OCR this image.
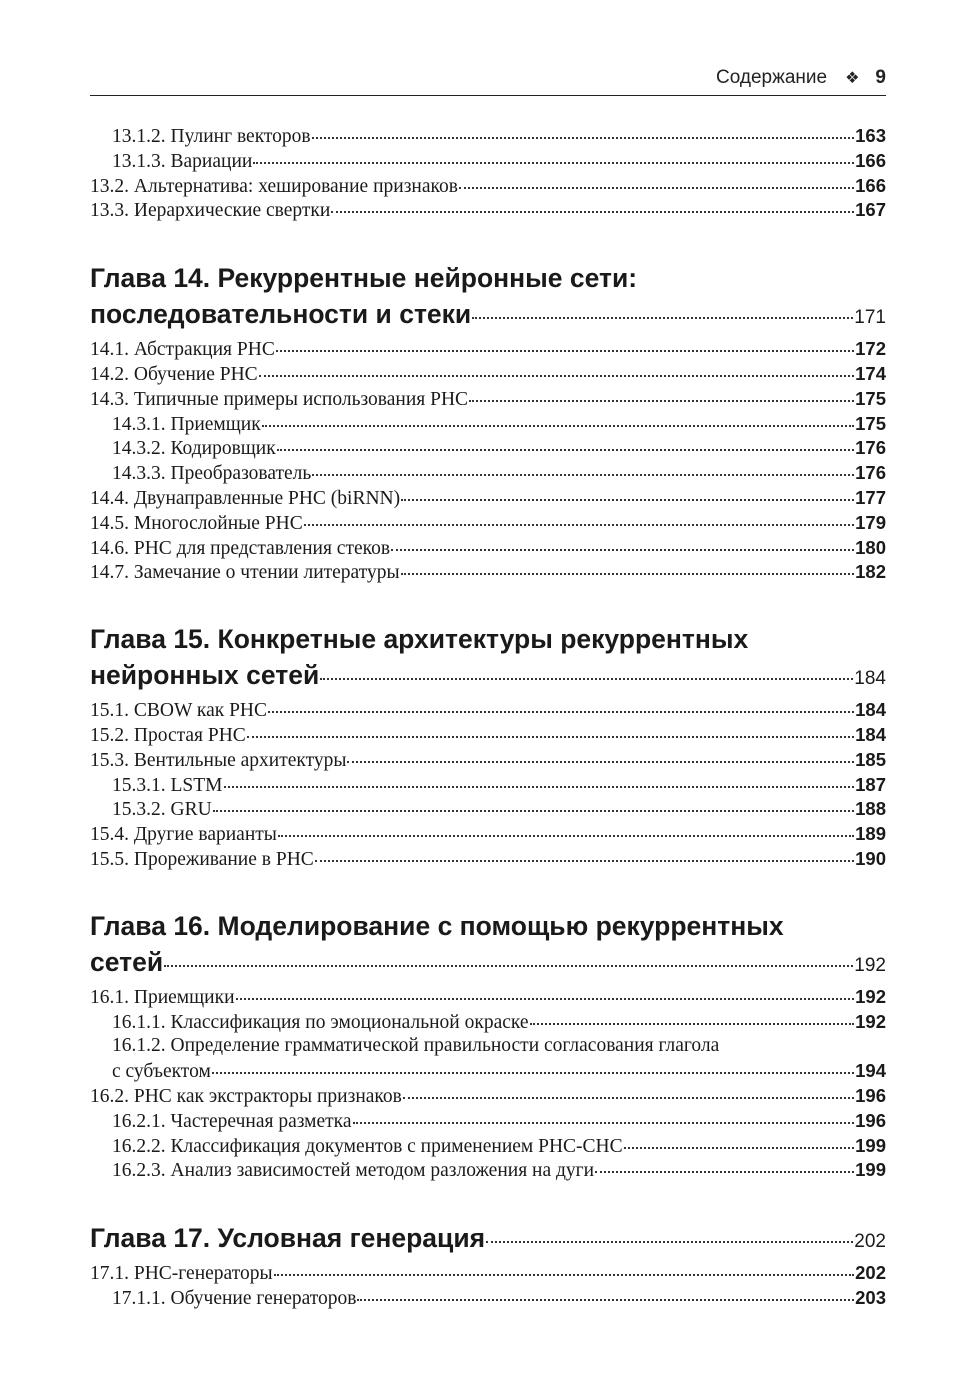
Содержание ❖ 9
13.1.2. Пулинг векторов	163
13.1.3. Вариации	166
13.2. Альтернатива: хеширование признаков	166
13.3. Иерархические свертки	167
Глава 14. Рекуррентные нейронные сети:
последовательности и стеки	171
14.1. Абстракция РНС	172
14.2. Обучение РНС	174
14.3. Типичные примеры использования РНС	175
14.3.1. Приемщик	175
14.3.2. Кодировщик	176
14.3.3. Преобразователь	176
14.4. Двунаправленные РНС (biRNN)	177
14.5. Многослойные РНС	179
14.6. РНС для представления стеков	180
14.7. Замечание о чтении литературы	182
Глава 15. Конкретные архитектуры рекуррентных
нейронных сетей	184
15.1. CBOW как РНС	184
15.2. Простая РНС	184
15.3. Вентильные архитектуры	185
15.3.1. LSTM	187
15.3.2. GRU	188
15.4. Другие варианты	189
15.5. Прореживание в РНС	190
Глава 16. Моделирование с помощью рекуррентных
сетей	192
16.1. Приемщики	192
16.1.1. Классификация по эмоциональной окраске	192
16.1.2. Определение грамматической правильности согласования глагола
с субъектом	194
16.2. РНС как экстракторы признаков	196
16.2.1. Частеречная разметка	196
16.2.2. Классификация документов с применением РНС-СНС	199
16.2.3. Анализ зависимостей методом разложения на дуги	199
Глава 17. Условная генерация	202
17.1. РНС-генераторы	202
17.1.1. Обучение генераторов	203
